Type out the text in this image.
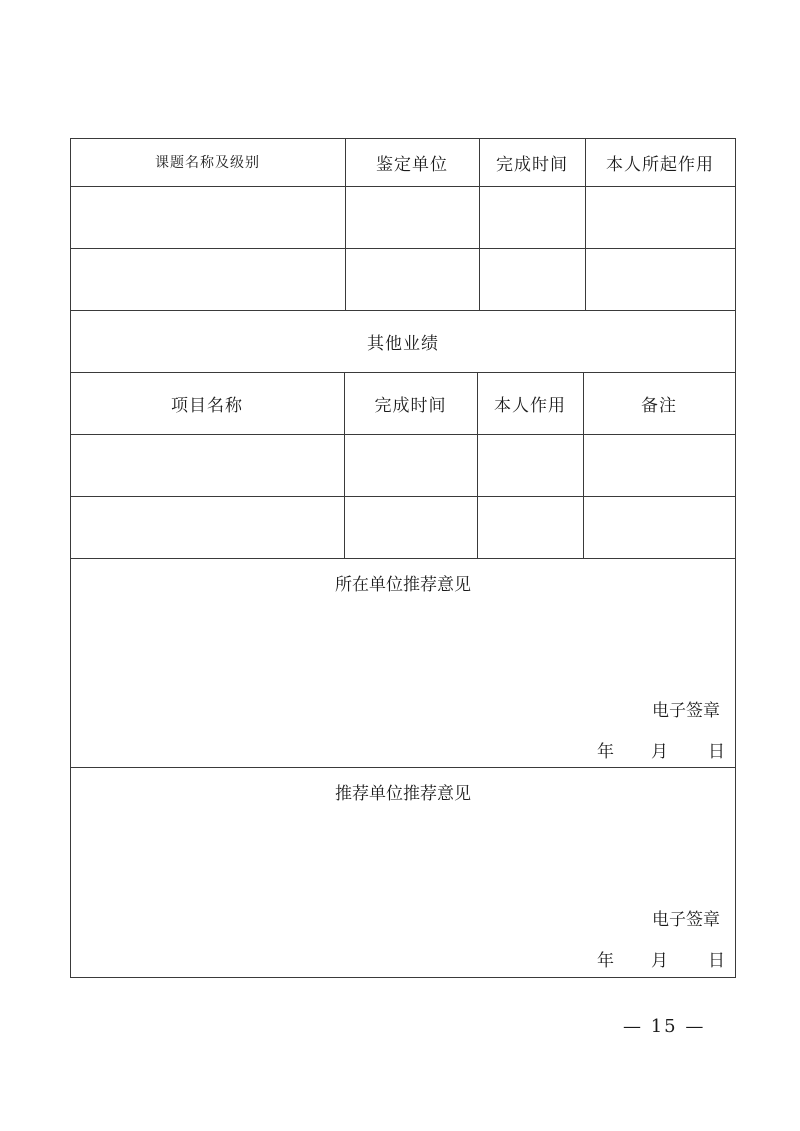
课题名称及级别	鉴定单位	完成时间	本人所起作用
其他业绩
项目名称	完成时间	本人作用	备注
所在单位推荐意见
电子签章
年 月 日
推荐单位推荐意见
电子签章
年 月 日
— 15 —
